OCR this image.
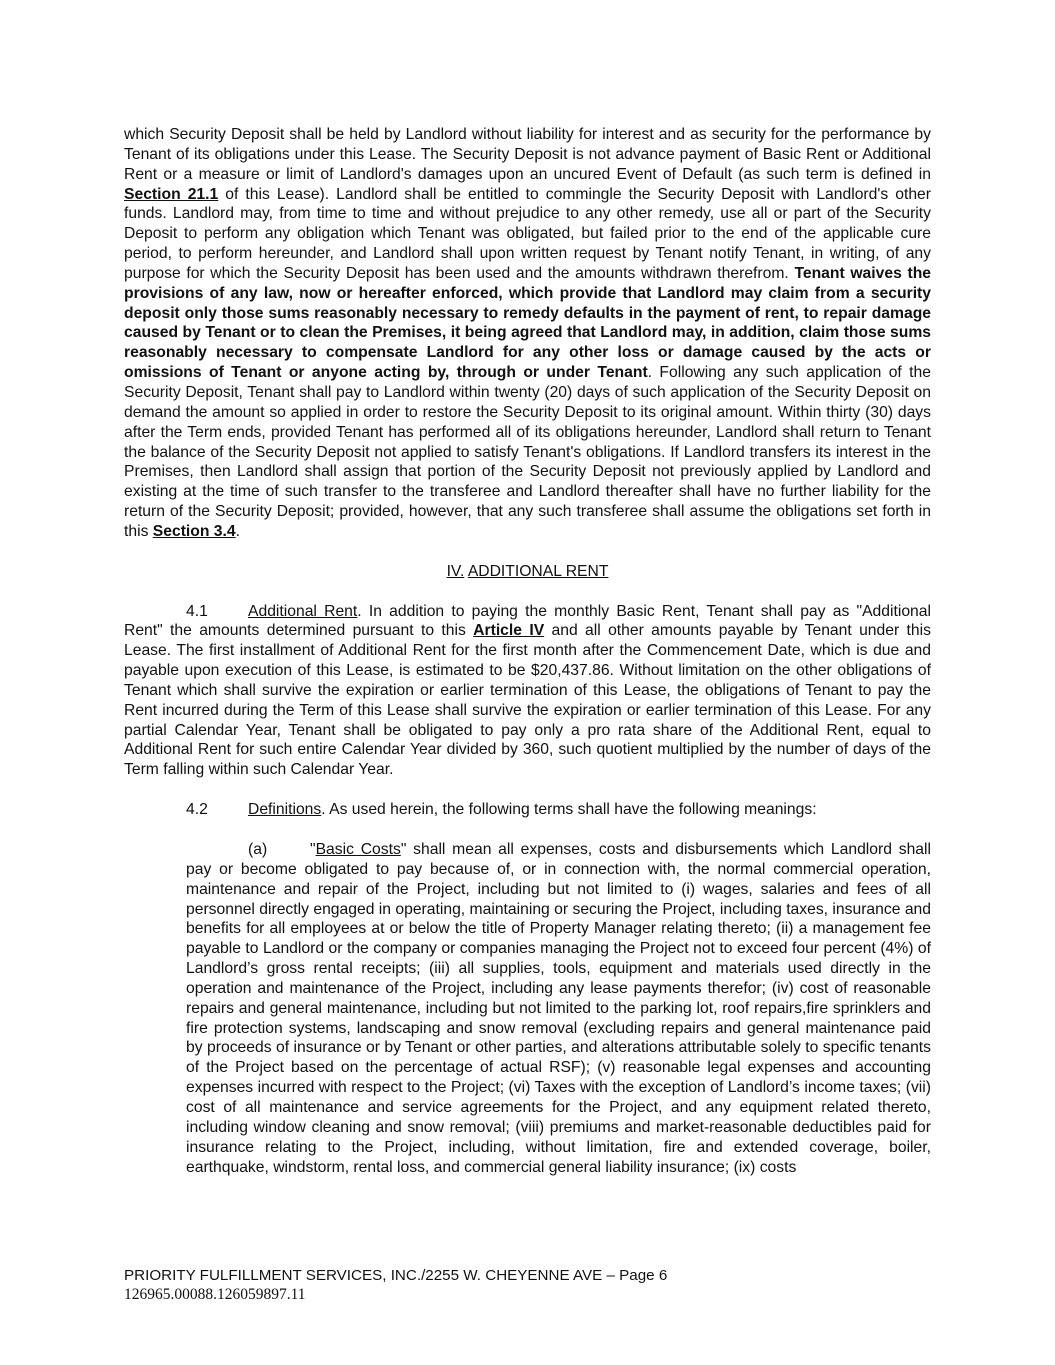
which Security Deposit shall be held by Landlord without liability for interest and as security for the performance by Tenant of its obligations under this Lease. The Security Deposit is not advance payment of Basic Rent or Additional Rent or a measure or limit of Landlord's damages upon an uncured Event of Default (as such term is defined in Section 21.1 of this Lease). Landlord shall be entitled to commingle the Security Deposit with Landlord's other funds. Landlord may, from time to time and without prejudice to any other remedy, use all or part of the Security Deposit to perform any obligation which Tenant was obligated, but failed prior to the end of the applicable cure period, to perform hereunder, and Landlord shall upon written request by Tenant notify Tenant, in writing, of any purpose for which the Security Deposit has been used and the amounts withdrawn therefrom. Tenant waives the provisions of any law, now or hereafter enforced, which provide that Landlord may claim from a security deposit only those sums reasonably necessary to remedy defaults in the payment of rent, to repair damage caused by Tenant or to clean the Premises, it being agreed that Landlord may, in addition, claim those sums reasonably necessary to compensate Landlord for any other loss or damage caused by the acts or omissions of Tenant or anyone acting by, through or under Tenant. Following any such application of the Security Deposit, Tenant shall pay to Landlord within twenty (20) days of such application of the Security Deposit on demand the amount so applied in order to restore the Security Deposit to its original amount. Within thirty (30) days after the Term ends, provided Tenant has performed all of its obligations hereunder, Landlord shall return to Tenant the balance of the Security Deposit not applied to satisfy Tenant's obligations. If Landlord transfers its interest in the Premises, then Landlord shall assign that portion of the Security Deposit not previously applied by Landlord and existing at the time of such transfer to the transferee and Landlord thereafter shall have no further liability for the return of the Security Deposit; provided, however, that any such transferee shall assume the obligations set forth in this Section 3.4.

IV. ADDITIONAL RENT

4.1	Additional Rent. In addition to paying the monthly Basic Rent, Tenant shall pay as "Additional Rent" the amounts determined pursuant to this Article IV and all other amounts payable by Tenant under this Lease. The first installment of Additional Rent for the first month after the Commencement Date, which is due and payable upon execution of this Lease, is estimated to be $20,437.86. Without limitation on the other obligations of Tenant which shall survive the expiration or earlier termination of this Lease, the obligations of Tenant to pay the Rent incurred during the Term of this Lease shall survive the expiration or earlier termination of this Lease. For any partial Calendar Year, Tenant shall be obligated to pay only a pro rata share of the Additional Rent, equal to Additional Rent for such entire Calendar Year divided by 360, such quotient multiplied by the number of days of the Term falling within such Calendar Year.

4.2	Definitions. As used herein, the following terms shall have the following meanings:

(a)	"Basic Costs" shall mean all expenses, costs and disbursements which Landlord shall pay or become obligated to pay because of, or in connection with, the normal commercial operation, maintenance and repair of the Project, including but not limited to (i) wages, salaries and fees of all personnel directly engaged in operating, maintaining or securing the Project, including taxes, insurance and benefits for all employees at or below the title of Property Manager relating thereto; (ii) a management fee payable to Landlord or the company or companies managing the Project not to exceed four percent (4%) of Landlord’s gross rental receipts; (iii) all supplies, tools, equipment and materials used directly in the operation and maintenance of the Project, including any lease payments therefor; (iv) cost of reasonable repairs and general maintenance, including but not limited to the parking lot, roof repairs,fire sprinklers and fire protection systems, landscaping and snow removal (excluding repairs and general maintenance paid by proceeds of insurance or by Tenant or other parties, and alterations attributable solely to specific tenants of the Project based on the percentage of actual RSF); (v) reasonable legal expenses and accounting expenses incurred with respect to the Project; (vi) Taxes with the exception of Landlord’s income taxes; (vii) cost of all maintenance and service agreements for the Project, and any equipment related thereto, including window cleaning and snow removal; (viii) premiums and market-reasonable deductibles paid for insurance relating to the Project, including, without limitation, fire and extended coverage, boiler, earthquake, windstorm, rental loss, and commercial general liability insurance; (ix) costs

PRIORITY FULFILLMENT SERVICES, INC./2255 W. CHEYENNE AVE – Page 6
126965.00088.126059897.11
